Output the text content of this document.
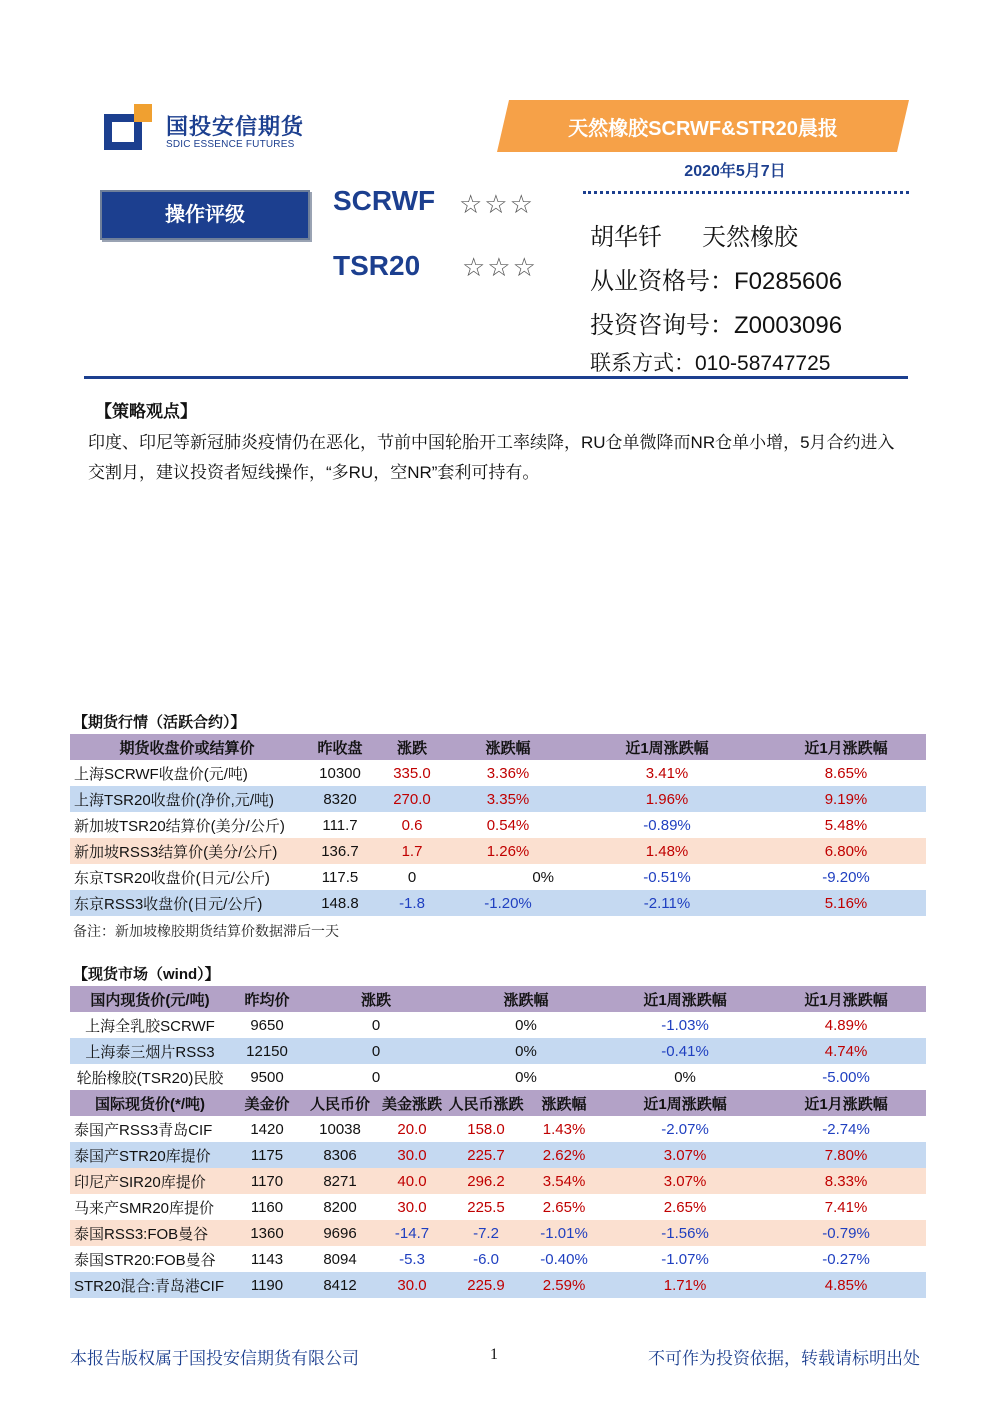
国投安信期货
SDIC ESSENCE FUTURES
天然橡胶SCRWF&STR20晨报
2020年5月7日
操作评级	SCRWF ☆☆☆
TSR20 ☆☆☆
胡华钎      天然橡胶
从业资格号：F0285606
投资咨询号：Z0003096
联系方式：010-58747725
【策略观点】
印度、印尼等新冠肺炎疫情仍在恶化，节前中国轮胎开工率续降，RU仓单微降而NR仓单小增，5月合约进入交割月，建议投资者短线操作，“多RU，空NR”套利可持有。
【期货行情（活跃合约）】
期货收盘价或结算价	昨收盘	涨跌	涨跌幅	近1周涨跌幅	近1月涨跌幅
上海SCRWF收盘价(元/吨)	10300	335.0	3.36%	3.41%	8.65%
上海TSR20收盘价(净价,元/吨)	8320	270.0	3.35%	1.96%	9.19%
新加坡TSR20结算价(美分/公斤)	111.7	0.6	0.54%	-0.89%	5.48%
新加坡RSS3结算价(美分/公斤)	136.7	1.7	1.26%	1.48%	6.80%
东京TSR20收盘价(日元/公斤)	117.5	0	0%	-0.51%	-9.20%
东京RSS3收盘价(日元/公斤)	148.8	-1.8	-1.20%	-2.11%	5.16%
备注：新加坡橡胶期货结算价数据滞后一天
【现货市场（wind）】
国内现货价(元/吨)	昨均价	涨跌		涨跌幅		近1周涨跌幅	近1月涨跌幅
上海全乳胶SCRWF	9650	0		0%		-1.03%	4.89%
上海泰三烟片RSS3	12150	0		0%		-0.41%	4.74%
轮胎橡胶(TSR20)民胶	9500	0		0%		0%	-5.00%
国际现货价(*/吨)	美金价	人民币价	美金涨跌	人民币涨跌	涨跌幅	近1周涨跌幅	近1月涨跌幅
泰国产RSS3青岛CIF	1420	10038	20.0	158.0	1.43%	-2.07%	-2.74%
泰国产STR20库提价	1175	8306	30.0	225.7	2.62%	3.07%	7.80%
印尼产SIR20库提价	1170	8271	40.0	296.2	3.54%	3.07%	8.33%
马来产SMR20库提价	1160	8200	30.0	225.5	2.65%	2.65%	7.41%
泰国RSS3:FOB曼谷	1360	9696	-14.7	-7.2	-1.01%	-1.56%	-0.79%
泰国STR20:FOB曼谷	1143	8094	-5.3	-6.0	-0.40%	-1.07%	-0.27%
STR20混合:青岛港CIF	1190	8412	30.0	225.9	2.59%	1.71%	4.85%
本报告版权属于国投安信期货有限公司	1	不可作为投资依据，转载请标明出处
